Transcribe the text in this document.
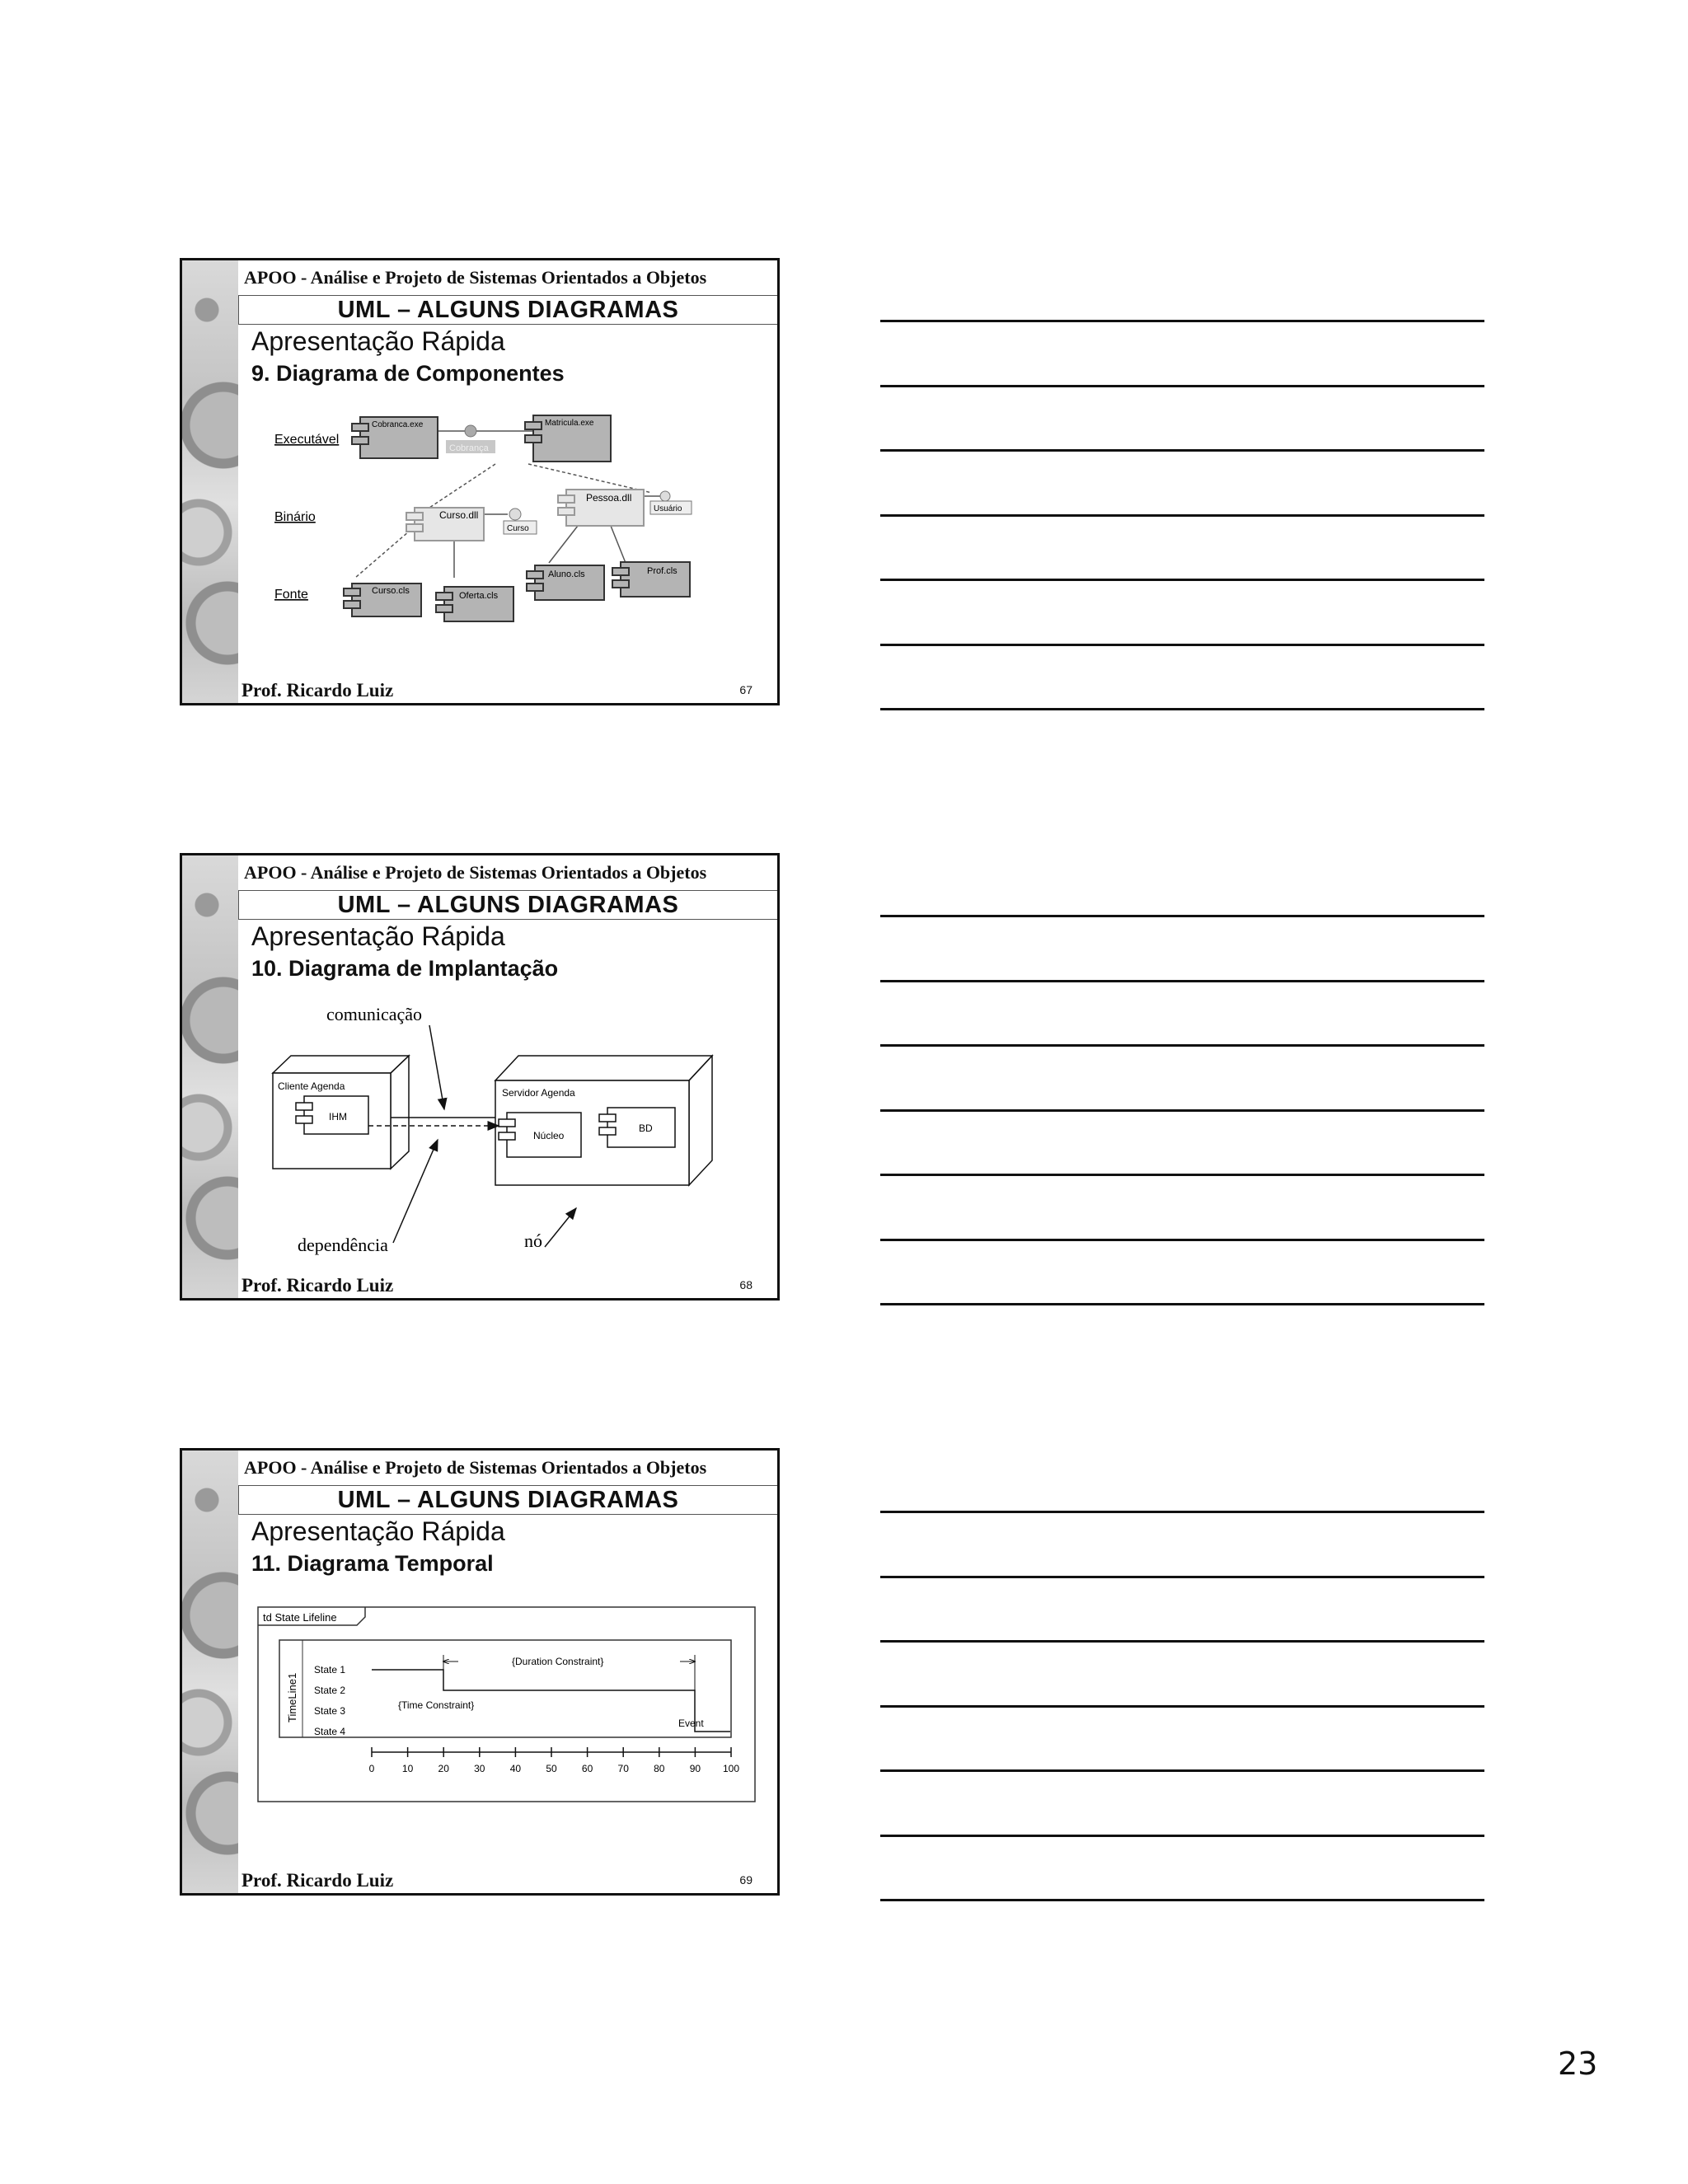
APOO - Análise e Projeto de Sistemas Orientados a Objetos
UML – ALGUNS DIAGRAMAS
Apresentação Rápida
9. Diagrama de Componentes
Executável
Binário
Fonte
Cobrança
Curso
Usuário
Cobranca.exe	Matricula.exe
Pessoa.dll
Curso.dll
Curso.cls	Oferta.cls
Aluno.cls	Prof.cls
Prof. Ricardo Luiz	67
APOO - Análise e Projeto de Sistemas Orientados a Objetos
UML – ALGUNS DIAGRAMAS
Apresentação Rápida
10. Diagrama de Implantação
comunicação
Cliente Agenda
IHM
Servidor Agenda
Núcleo
BD
dependência	nó
Prof. Ricardo Luiz	68
APOO - Análise e Projeto de Sistemas Orientados a Objetos
UML – ALGUNS DIAGRAMAS
Apresentação Rápida
11. Diagrama Temporal
td State Lifeline
TimeLine1
State 1
State 2
State 3
State 4
{Duration Constraint}
{Time Constraint}
Event
0	10	20	30	40	50	60	70	80	90 100
Prof. Ricardo Luiz	69
23
